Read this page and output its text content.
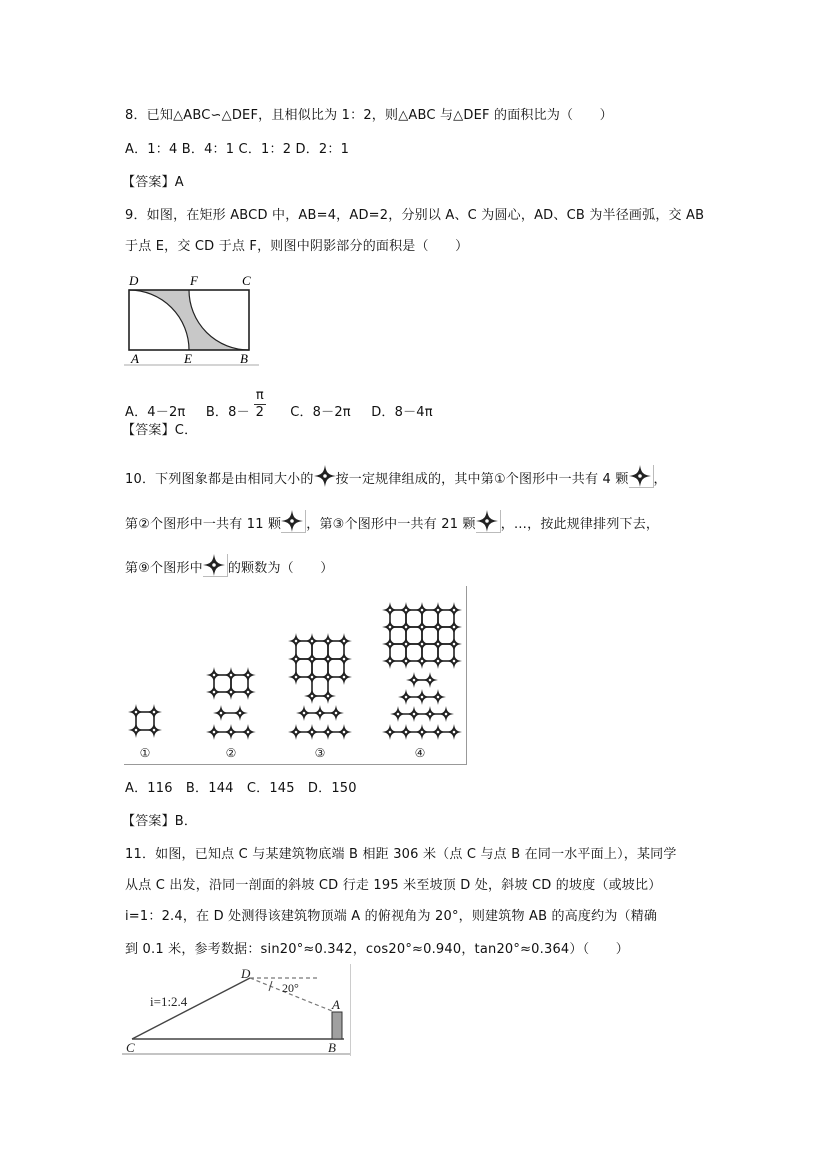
8．已知△ABC∽△DEF，且相似比为 1：2，则△ABC 与△DEF 的面积比为（　　）
A．1：4 B．4：1 C．1：2 D．2：1
【答案】A
9．如图，在矩形 ABCD 中，AB=4，AD=2，分别以 A、C 为圆心，AD、CB 为半径画弧，交 AB
于点 E，交 CD 于点 F，则图中阴影部分的面积是（　　）
D	F	C
A	E	B
A．4－2π B．$8- \frac{\pi}{2}$ C．8－2π D．8－4π
【答案】C．
10．下列图象都是由相同大小的 按一定规律组成的，其中第①个图形中一共有 4 颗 ，
第②个图形中一共有 11 颗 ，第③个图形中一共有 21 颗 ，…，按此规律排列下去，
第⑨个图形中 的颗数为（　　）
①	②	③	④
A．116　B．144　C．145　D．150
【答案】B．
11．如图，已知点 C 与某建筑物底端 B 相距 306 米（点 C 与点 B 在同一水平面上），某同学
从点 C 出发，沿同一剖面的斜坡 CD 行走 195 米至坡顶 D 处，斜坡 CD 的坡度（或坡比）
i=1：2.4，在 D 处测得该建筑物顶端 A 的俯视角为 20°，则建筑物 AB 的高度约为（精确
到 0.1 米，参考数据：sin20°≈0.342，cos20°≈0.940，tan20°≈0.364）（　　）
D
A
C	B
i=1:2.4
20°
